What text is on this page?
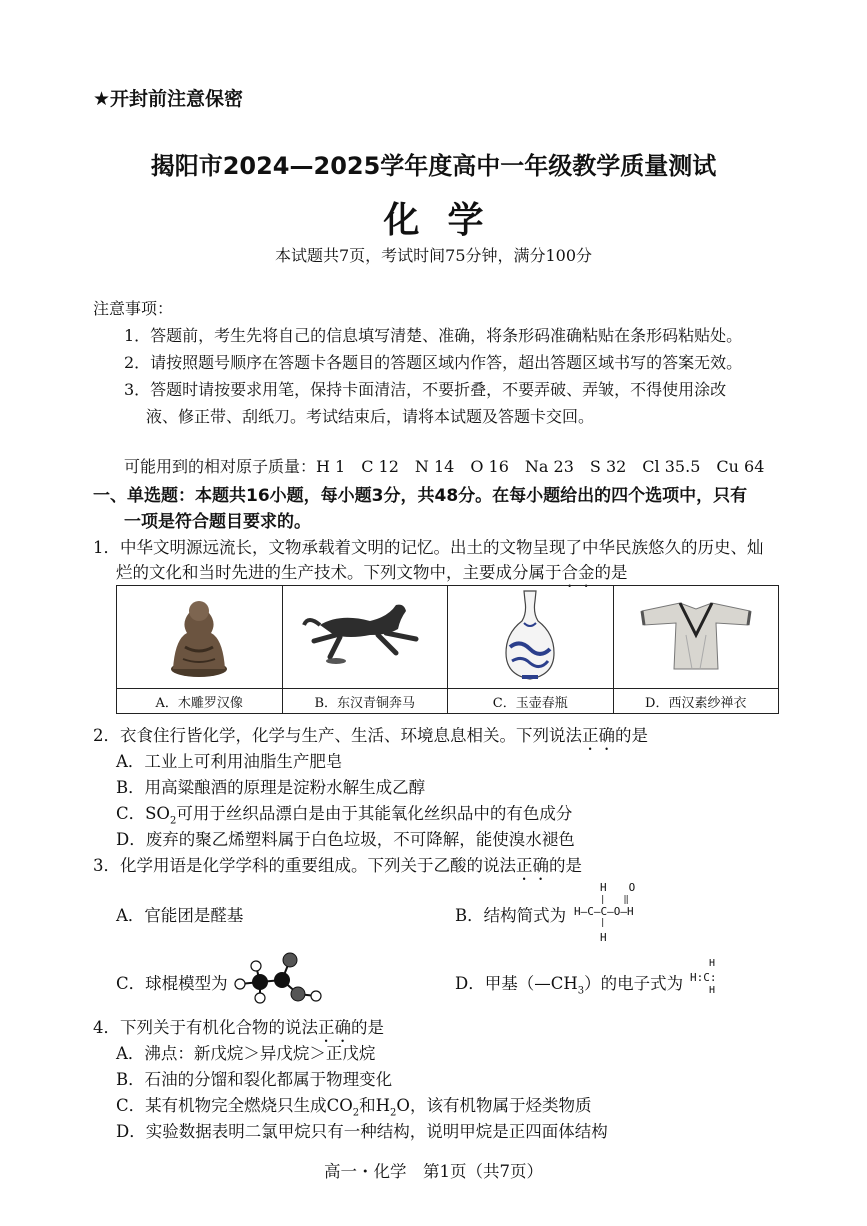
★开封前注意保密
揭阳市2024—2025学年度高中一年级教学质量测试
化学
本试题共7页，考试时间75分钟，满分100分
注意事项：
1．答题前，考生先将自己的信息填写清楚、准确，将条形码准确粘贴在条形码粘贴处。
2．请按照题号顺序在答题卡各题目的答题区域内作答，超出答题区域书写的答案无效。
3．答题时请按要求用笔，保持卡面清洁，不要折叠，不要弄破、弄皱，不得使用涂改
液、修正带、刮纸刀。考试结束后，请将本试题及答题卡交回。
可能用到的相对原子质量：H 1　C 12　N 14　O 16　Na 23　S 32　Cl 35.5　Cu 64
一、单选题：本题共16小题，每小题3分，共48分。在每小题给出的四个选项中，只有
一项是符合题目要求的。
1．中华文明源远流长，文物承载着文明的记忆。出土的文物呈现了中华民族悠久的历史、灿
烂的文化和当时先进的生产技术。下列文物中，主要成分属于合金的是

A．木雕罗汉像	B．东汉青铜奔马	C．玉壶春瓶	D．西汉素纱禅衣
2．衣食住行皆化学，化学与生产、生活、环境息息相关。下列说法正确的是
A．工业上可利用油脂生产肥皂
B．用高粱酿酒的原理是淀粉水解生成乙醇
C．$SO_2$可用于丝织品漂白是由于其能氧化丝织品中的有色成分
D．废弃的聚乙烯塑料属于白色垃圾，不可降解，能使溴水褪色
3．化学用语是化学学科的重要组成。下列关于乙酸的说法正确的是
A．官能团是醛基	B．结构简式为
H　　O
|　　‖
H—C—C—O—H
|
H
C．球棍模型为	D．甲基$(—CH_3)$的电子式为
H
H:C:
H
4．下列关于有机化合物的说法正确的是
A．沸点：新戊烷＞异戊烷＞正戊烷
B．石油的分馏和裂化都属于物理变化
C．某有机物完全燃烧只生成$CO_2$和$H_2O$，该有机物属于烃类物质
D．实验数据表明二氯甲烷只有一种结构，说明甲烷是正四面体结构
高一・化学　第1页（共7页）
